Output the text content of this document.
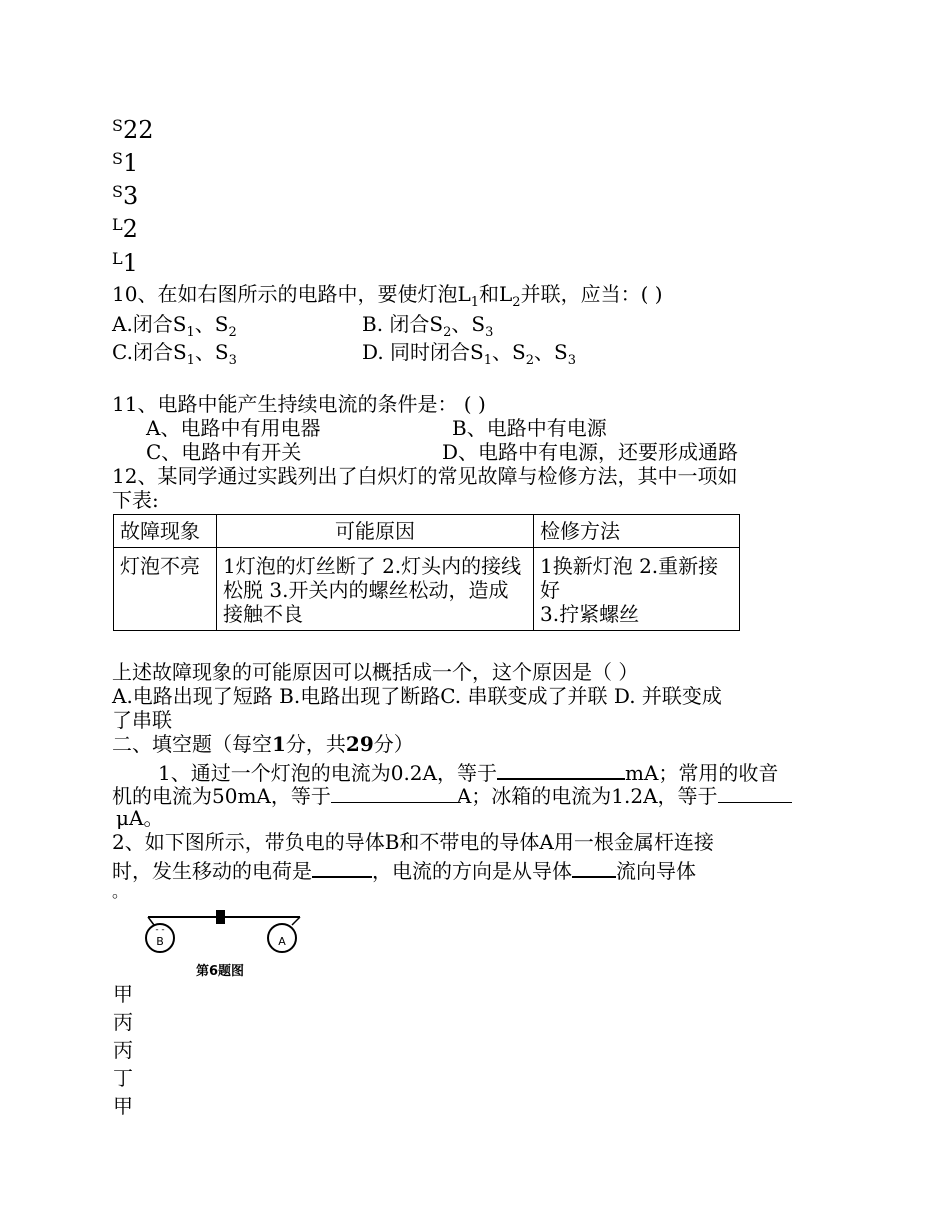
$^S$22
$^S$1
$^S$3
$^L$2
$^L$1
10、在如右图所示的电路中，要使灯泡$L_1$和$L_2$并联，应当：( )
A.闭合$S_1$、$S_2$	B. 闭合$S_2$、$S_3$
C.闭合$S_1$、$S_3$	D. 同时闭合$S_1$、$S_2$、$S_3$
11、电路中能产生持续电流的条件是： ( )
A、电路中有用电器	B、电路中有电源
C、电路中有开关	D、电路中有电源，还要形成通路
12、某同学通过实践列出了白炽灯的常见故障与检修方法，其中一项如
下表:
故障现象	可能原因	检修方法
灯泡不亮	1灯泡的灯丝断了 2.灯头内的接线松脱 3.开关内的螺丝松动，造成接触不良	1换新灯泡 2.重新接好
3.拧紧螺丝
上述故障现象的可能原因可以概括成一个，这个原因是（ ）
A.电路出现了短路 B.电路出现了断路C. 串联变成了并联 D. 并联变成
了串联
二、填空题（每空1分，共29分）
1、通过一个灯泡的电流为0.2A，等于	mA；常用的收音
机的电流为50mA，等于	A；冰箱的电流为1.2A，等于
μA。
2、如下图所示，带负电的导体B和不带电的导体A用一根金属杆连接
时，发生移动的电荷是	，电流的方向是从导体 流向导体
。
- -
B	A
第6题图
甲
丙
丙
丁
甲
